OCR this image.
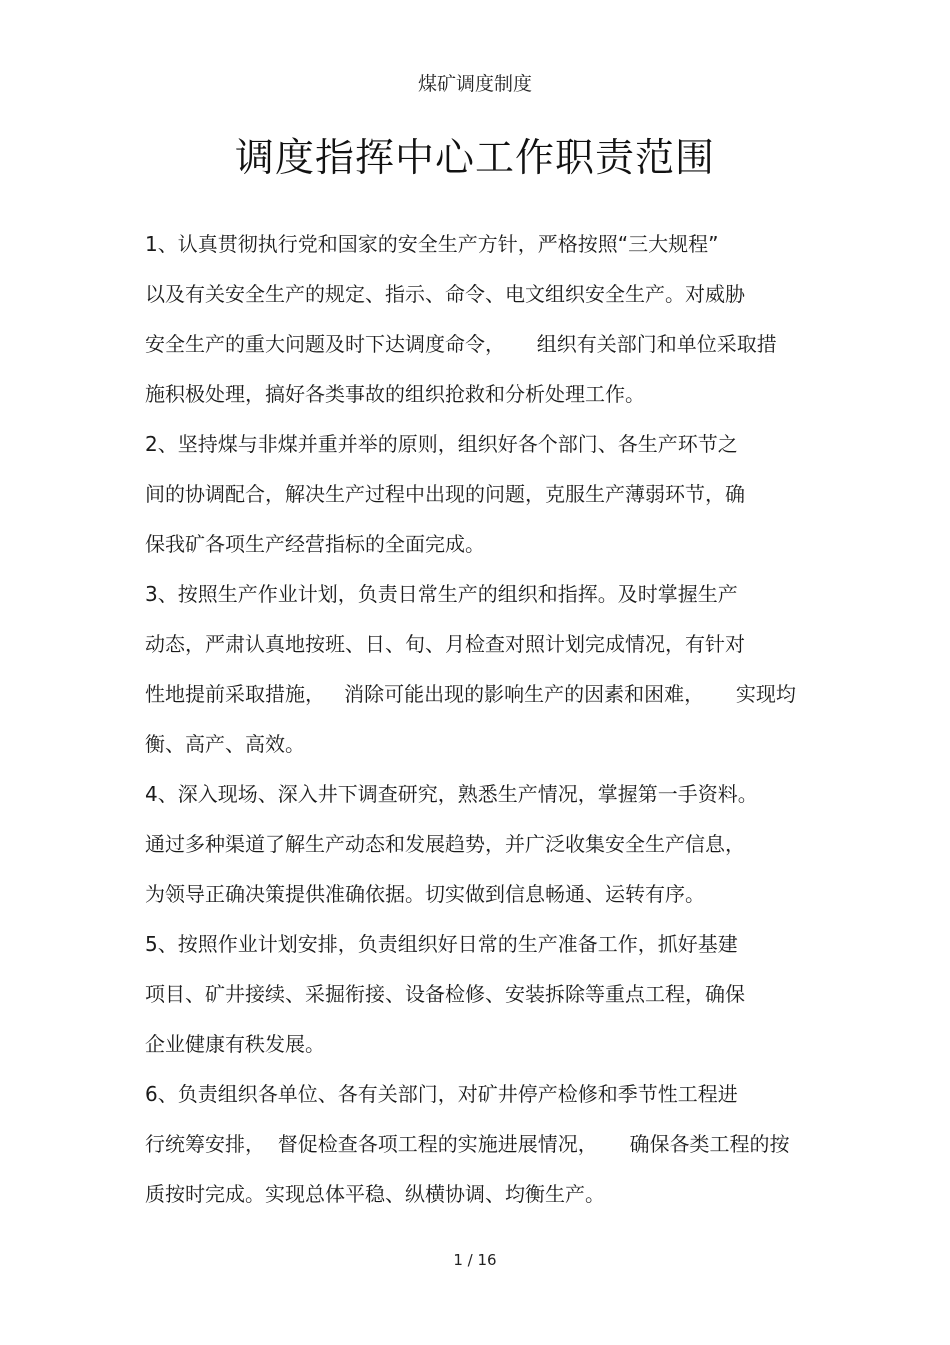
煤矿调度制度
调度指挥中心工作职责范围
1、认真贯彻执行党和国家的安全生产方针，严格按照“三大规程”
以及有关安全生产的规定、指示、命令、电文组织安全生产。对威胁
安全生产的重大问题及时下达调度命令，     组织有关部门和单位采取措
施积极处理，搞好各类事故的组织抢救和分析处理工作。
2、坚持煤与非煤并重并举的原则，组织好各个部门、各生产环节之
间的协调配合，解决生产过程中出现的问题，克服生产薄弱环节，确
保我矿各项生产经营指标的全面完成。
3、按照生产作业计划，负责日常生产的组织和指挥。及时掌握生产
动态，严肃认真地按班、日、旬、月检查对照计划完成情况，有针对
性地提前采取措施，   消除可能出现的影响生产的因素和困难，     实现均
衡、高产、高效。
4、深入现场、深入井下调查研究，熟悉生产情况，掌握第一手资料。
通过多种渠道了解生产动态和发展趋势，并广泛收集安全生产信息，
为领导正确决策提供准确依据。切实做到信息畅通、运转有序。
5、按照作业计划安排，负责组织好日常的生产准备工作，抓好基建
项目、矿井接续、采掘衔接、设备检修、安装拆除等重点工程，确保
企业健康有秩发展。
6、负责组织各单位、各有关部门，对矿井停产检修和季节性工程进
行统筹安排，  督促检查各项工程的实施进展情况，     确保各类工程的按
质按时完成。实现总体平稳、纵横协调、均衡生产。
1 / 16
